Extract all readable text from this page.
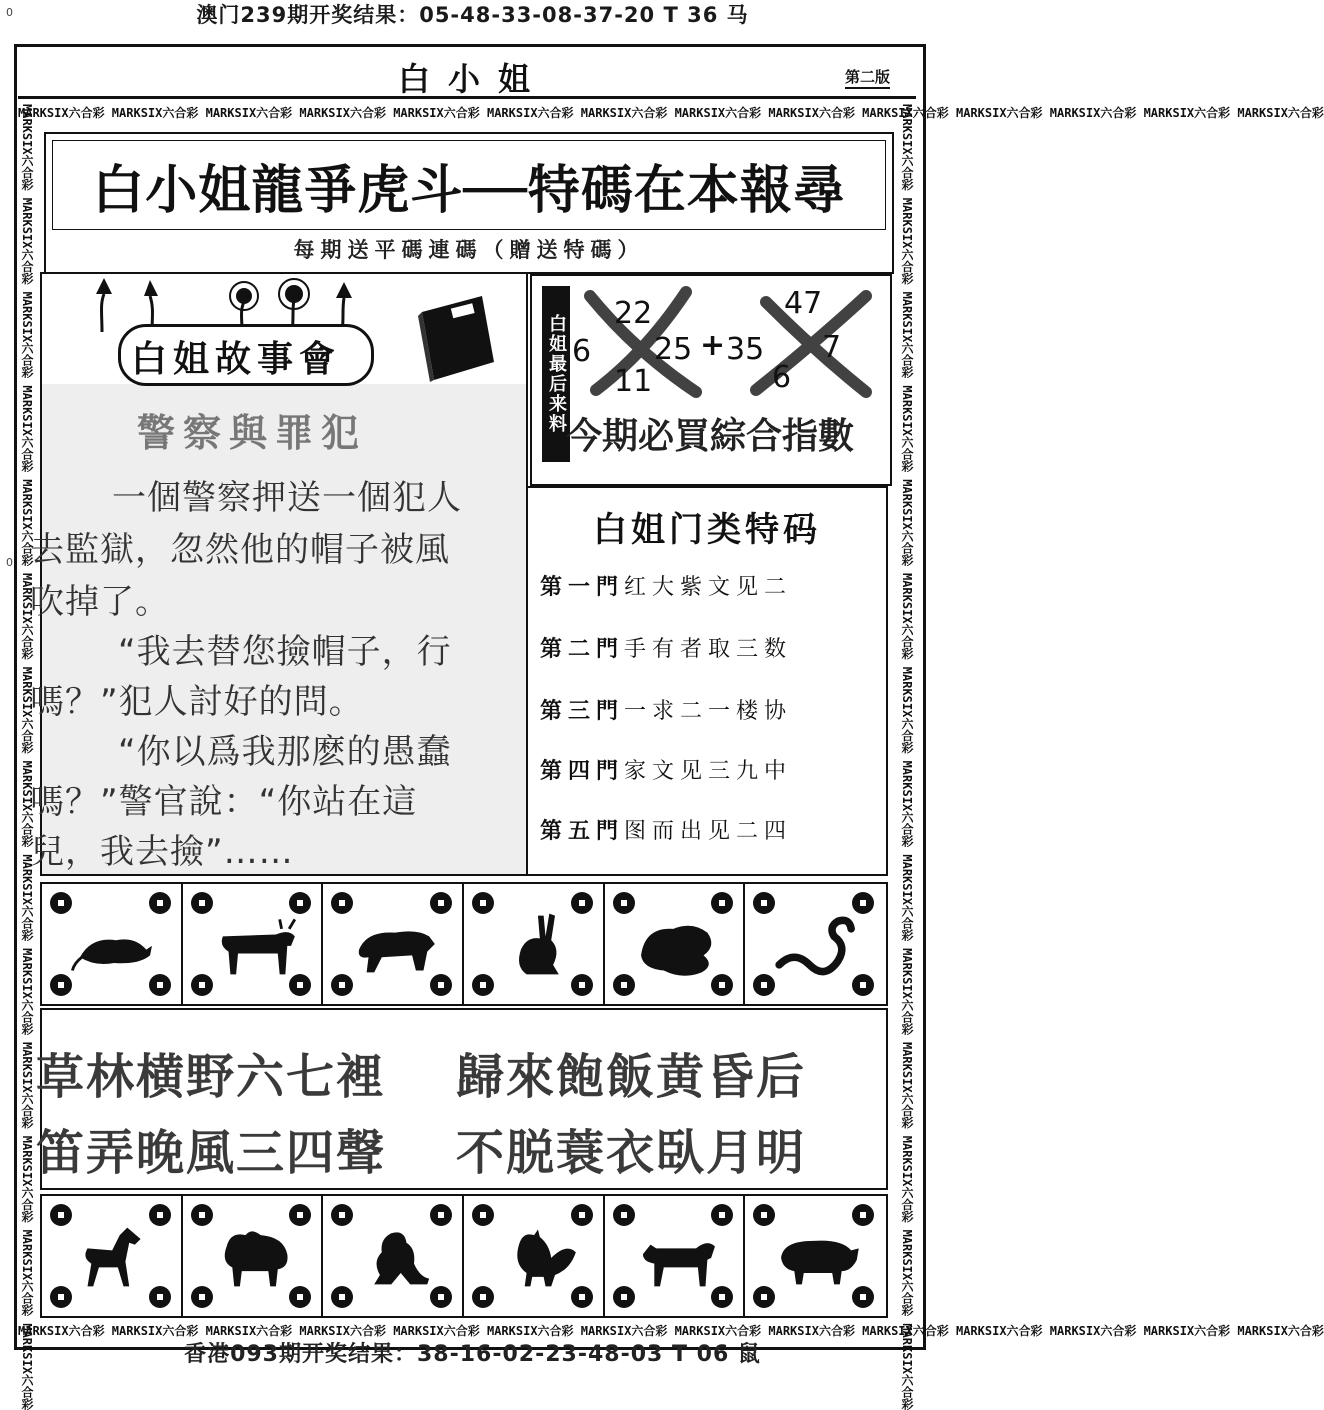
澳门239期开奖结果：05-48-33-08-37-20 T 36 马
0
白小姐	第二版
MARKSIX六合彩 MARKSIX六合彩 MARKSIX六合彩 MARKSIX六合彩 MARKSIX六合彩 MARKSIX六合彩 MARKSIX六合彩 MARKSIX六合彩 MARKSIX六合彩 MARKSIX六合彩 MARKSIX六合彩 MARKSIX六合彩 MARKSIX六合彩 MARKSIX六合彩
MARKSIX六合彩 MARKSIX六合彩 MARKSIX六合彩 MARKSIX六合彩 MARKSIX六合彩 MARKSIX六合彩 MARKSIX六合彩 MARKSIX六合彩 MARKSIX六合彩 MARKSIX六合彩 MARKSIX六合彩 MARKSIX六合彩 MARKSIX六合彩 MARKSIX六合彩
MARKSIX六合彩 MARKSIX六合彩 MARKSIX六合彩 MARKSIX六合彩 MARKSIX六合彩 MARKSIX六合彩 MARKSIX六合彩 MARKSIX六合彩 MARKSIX六合彩 MARKSIX六合彩 MARKSIX六合彩 MARKSIX六合彩 MARKSIX六合彩 MARKSIX六合彩	MARKSIX六合彩 MARKSIX六合彩 MARKSIX六合彩 MARKSIX六合彩 MARKSIX六合彩 MARKSIX六合彩 MARKSIX六合彩 MARKSIX六合彩 MARKSIX六合彩 MARKSIX六合彩 MARKSIX六合彩 MARKSIX六合彩 MARKSIX六合彩 MARKSIX六合彩
白小姐龍爭虎斗──特碼在本報尋
每期送平碼連碼（贈送特碼）
白姐故事會
警察與罪犯
一個警察押送一個犯人
去監獄，忽然他的帽子被風
吹掉了。
“我去替您撿帽子，行
嗎？”犯人討好的問。
“你以爲我那麽的愚蠢
嗎？”警官說：“你站在這
兒，我去撿”……
0
白姐最后来料 6
22
11
25 + 35
47
7
6
今期必買綜合指數
白姐门类特码
第一門红大紫文见二
第二門手有者取三数
第三門一求二一楼协
第四門家文见三九中
第五門图而出见二四
草林横野六七裡 歸來飽飯黄昏后
笛弄晚風三四聲 不脱蓑衣臥月明
香港093期开奖结果：38-16-02-23-48-03 T 06 鼠
